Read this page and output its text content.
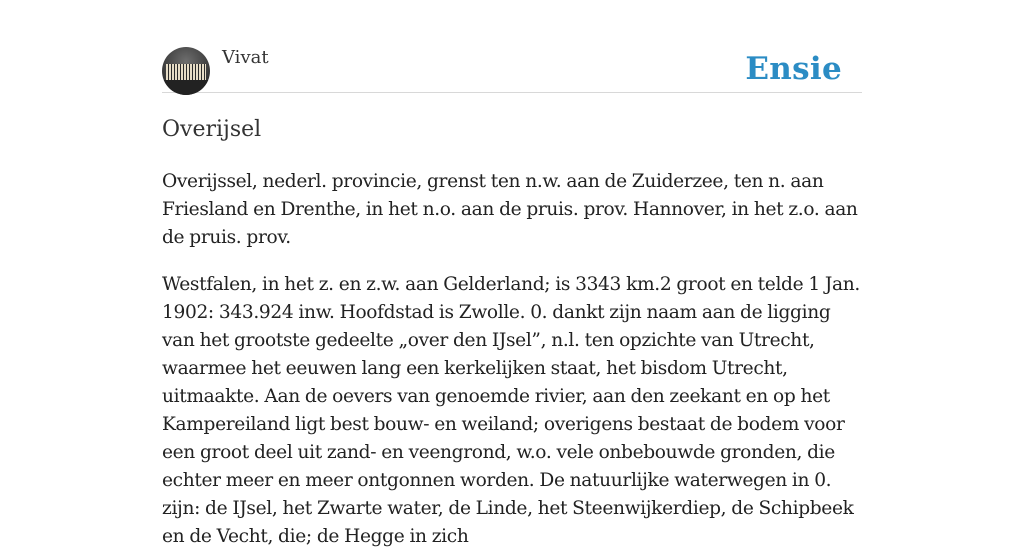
Vivat	Ensie
Overijsel

Overijssel, nederl. provincie, grenst ten n.w. aan de Zuiderzee, ten n. aan Friesland en Drenthe, in het n.o. aan de pruis. prov. Hannover, in het z.o. aan de pruis. prov.

Westfalen, in het z. en z.w. aan Gelderland; is 3343 km.2 groot en telde 1 Jan. 1902: 343.924 inw. Hoofdstad is Zwolle. 0. dankt zijn naam aan de ligging van het grootste gedeelte „over den IJsel”, n.l. ten opzichte van Utrecht, waarmee het eeuwen lang een kerkelijken staat, het bisdom Utrecht, uitmaakte. Aan de oevers van genoemde rivier, aan den zeekant en op het Kampereiland ligt best bouw- en weiland; overigens bestaat de bodem voor een groot deel uit zand- en veengrond, w.o. vele onbebouwde gronden, die echter meer en meer ontgonnen worden. De natuurlijke waterwegen in 0. zijn: de IJsel, het Zwarte water, de Linde, het Steenwijkerdiep, de Schipbeek en de Vecht, die; de Hegge in zich
